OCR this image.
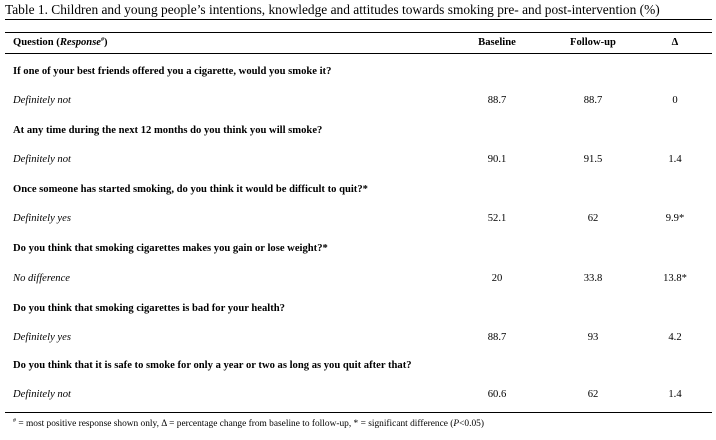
Table 1. Children and young people’s intentions, knowledge and attitudes towards smoking pre- and post-intervention (%)
Question (Response#)	Baseline	Follow-up	Δ
If one of your best friends offered you a cigarette, would you smoke it?
Definitely not	88.7	88.7	0
At any time during the next 12 months do you think you will smoke?
Definitely not	90.1	91.5	1.4
Once someone has started smoking, do you think it would be difficult to quit?*
Definitely yes	52.1	62	9.9*
Do you think that smoking cigarettes makes you gain or lose weight?*
No difference	20	33.8	13.8*
Do you think that smoking cigarettes is bad for your health?
Definitely yes	88.7	93	4.2
Do you think that it is safe to smoke for only a year or two as long as you quit after that?
Definitely not	60.6	62	1.4
# = most positive response shown only, Δ = percentage change from baseline to follow-up, * = significant difference (P<0.05)
